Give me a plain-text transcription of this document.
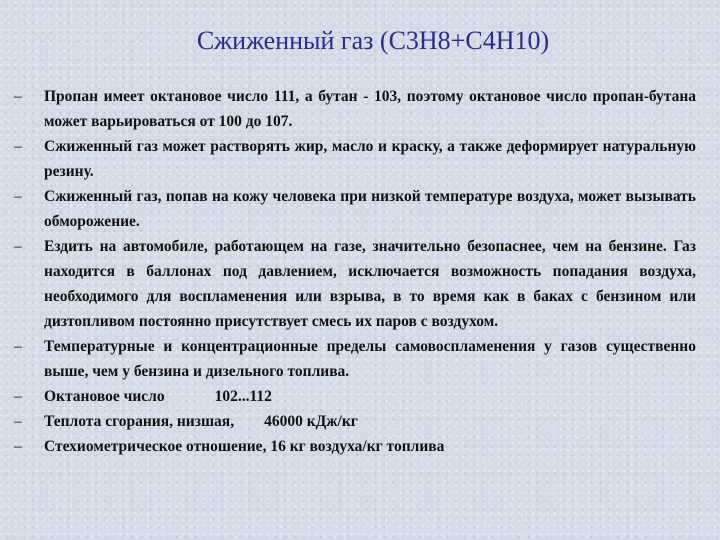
Сжиженный газ (С3Н8+С4Н10)
–	Пропан имеет октановое число 111, а бутан - 103, поэтому октановое число пропан-бутана может варьироваться от 100 до 107.
–	Сжиженный газ может растворять жир, масло и краску, а также деформирует натуральную резину.
–	Сжиженный газ, попав на кожу человека при низкой температуре воздуха, может вызывать обморожение.
–	Ездить на автомобиле, работающем на газе, значительно безопаснее, чем на бензине. Газ находится в баллонах под давлением, исключается возможность попадания воздуха, необходимого для воспламенения или взрыва, в то время как в баках с бензином или дизтопливом постоянно присутствует смесь их паров с воздухом.
–	Температурные и концентрационные пределы самовоспламенения у газов существенно выше, чем у бензина и дизельного топлива.
–	Октановое число	102...112
–	Теплота сгорания, низшая, 46000 кДж/кг
–	Стехиометрическое отношение, 16 кг воздуха/кг топлива
